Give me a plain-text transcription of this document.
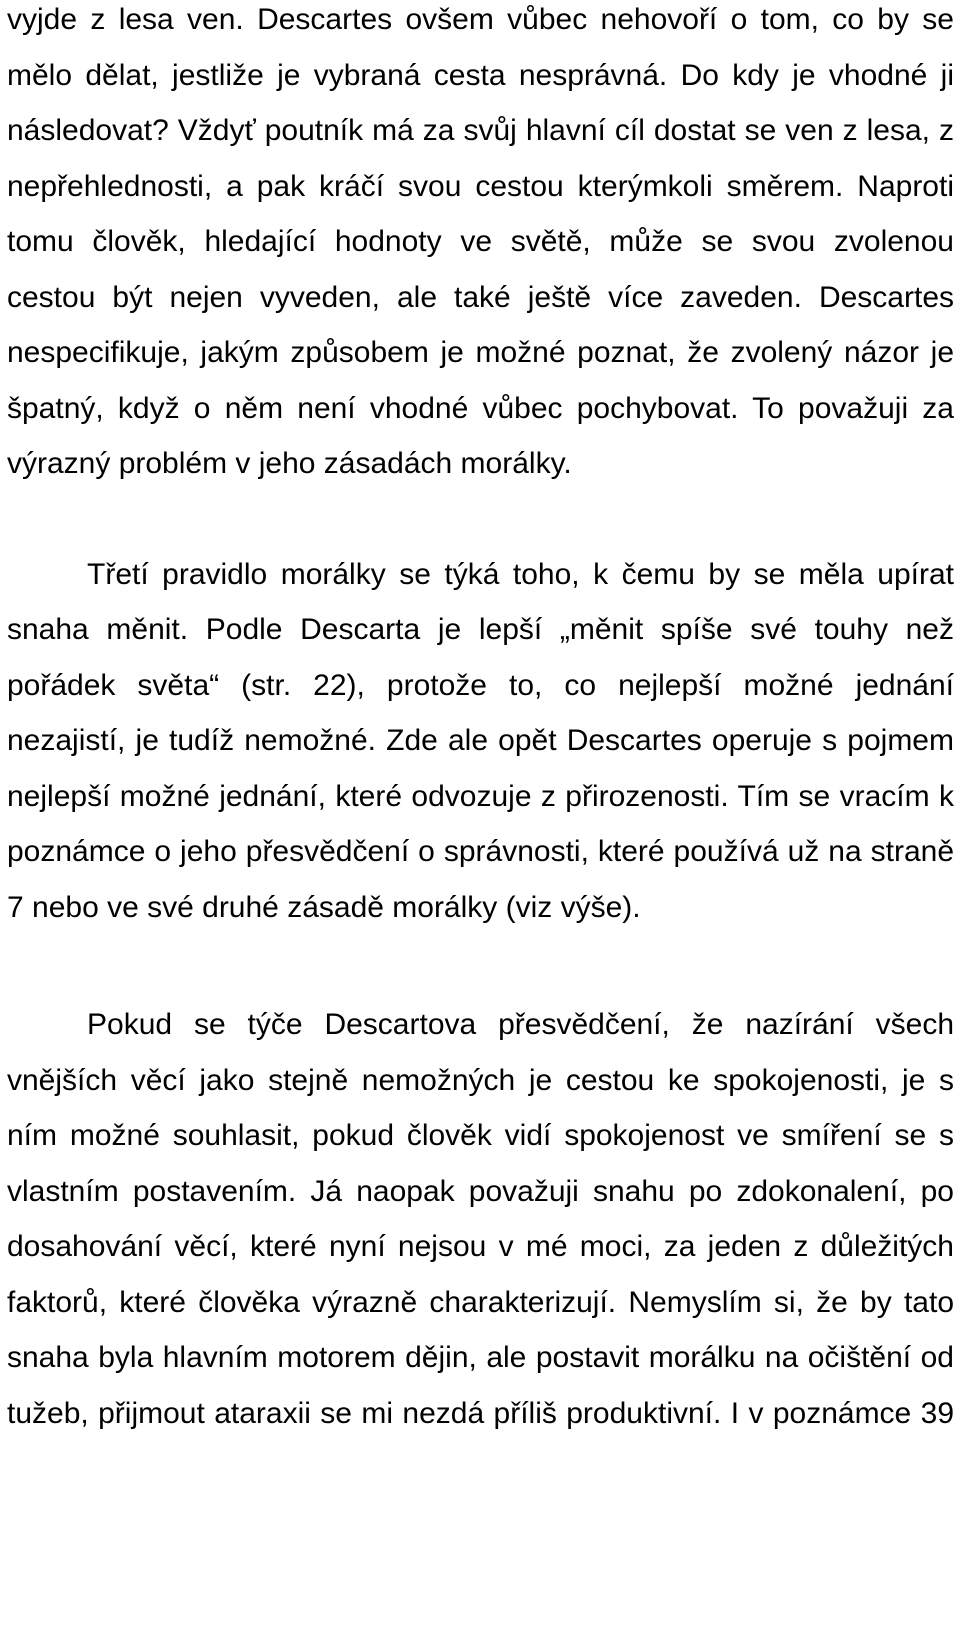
vyjde z lesa ven. Descartes ovšem vůbec nehovoří o tom, co by se mělo dělat, jestliže je vybraná cesta nesprávná. Do kdy je vhodné ji následovat? Vždyť poutník má za svůj hlavní cíl dostat se ven z lesa, z nepřehlednosti, a pak kráčí svou cestou kterýmkoli směrem. Naproti tomu člověk, hledající hodnoty ve světě, může se svou zvolenou cestou být nejen vyveden, ale také ještě více zaveden. Descartes nespecifikuje, jakým způsobem je možné poznat, že zvolený názor je špatný, když o něm není vhodné vůbec pochybovat. To považuji za výrazný problém v jeho zásadách morálky.

Třetí pravidlo morálky se týká toho, k čemu by se měla upírat snaha měnit. Podle Descarta je lepší „měnit spíše své touhy než pořádek světa“ (str. 22), protože to, co nejlepší možné jednání nezajistí, je tudíž nemožné. Zde ale opět Descartes operuje s pojmem nejlepší možné jednání, které odvozuje z přirozenosti. Tím se vracím k poznámce o jeho přesvědčení o správnosti, které používá už na straně 7 nebo ve své druhé zásadě morálky (viz výše).

Pokud se týče Descartova přesvědčení, že nazírání všech vnějších věcí jako stejně nemožných je cestou ke spokojenosti, je s ním možné souhlasit, pokud člověk vidí spokojenost ve smíření se s vlastním postavením. Já naopak považuji snahu po zdokonalení, po dosahování věcí, které nyní nejsou v mé moci, za jeden z důležitých faktorů, které člověka výrazně charakterizují. Nemyslím si, že by tato snaha byla hlavním motorem dějin, ale postavit morálku na očištění od tužeb, přijmout ataraxii se mi nezdá příliš produktivní. I v poznámce 39
